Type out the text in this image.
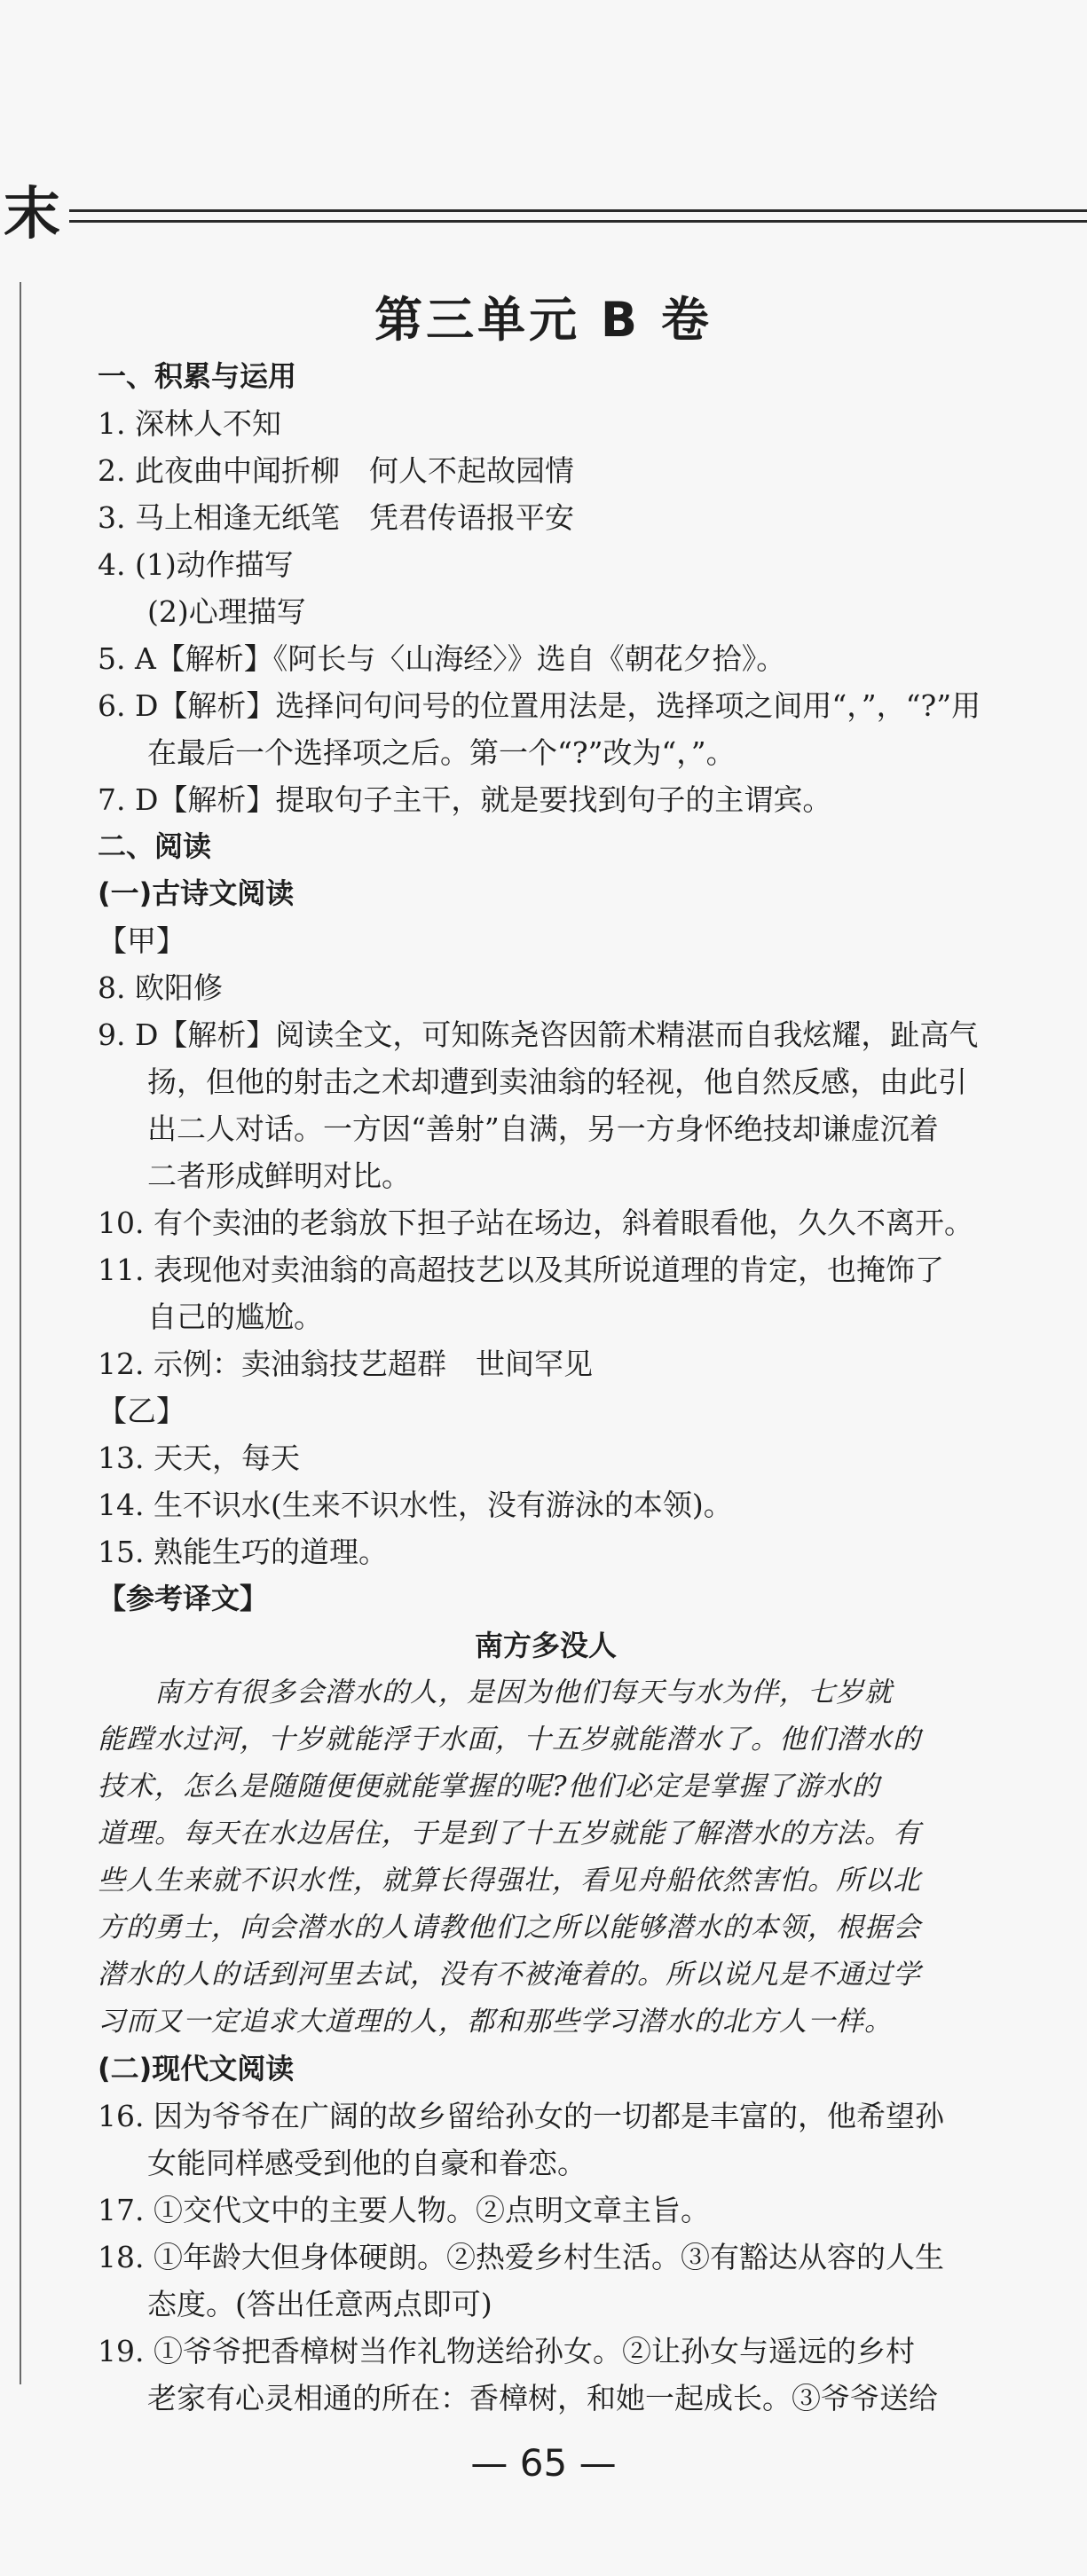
末
第三单元 B 卷
一、积累与运用
1. 深林人不知
2. 此夜曲中闻折柳　何人不起故园情
3. 马上相逢无纸笔　凭君传语报平安
4. (1)动作描写
(2)心理描写
5. A【解析】《阿长与〈山海经〉》选自《朝花夕拾》。
6. D【解析】选择问句问号的位置用法是，选择项之间用“，”，“?”用
在最后一个选择项之后。第一个“?”改为“，”。
7. D【解析】提取句子主干，就是要找到句子的主谓宾。
二、阅读
(一)古诗文阅读
【甲】
8. 欧阳修
9. D【解析】阅读全文，可知陈尧咨因箭术精湛而自我炫耀，趾高气
扬，但他的射击之术却遭到卖油翁的轻视，他自然反感，由此引
出二人对话。一方因“善射”自满，另一方身怀绝技却谦虚沉着
二者形成鲜明对比。
10. 有个卖油的老翁放下担子站在场边，斜着眼看他，久久不离开。
11. 表现他对卖油翁的高超技艺以及其所说道理的肯定，也掩饰了
自己的尴尬。
12. 示例：卖油翁技艺超群　世间罕见
【乙】
13. 天天，每天
14. 生不识水(生来不识水性，没有游泳的本领)。
15. 熟能生巧的道理。
【参考译文】
南方多没人
南方有很多会潜水的人，是因为他们每天与水为伴，七岁就
能蹚水过河，十岁就能浮于水面，十五岁就能潜水了。他们潜水的
技术，怎么是随随便便就能掌握的呢?他们必定是掌握了游水的
道理。每天在水边居住，于是到了十五岁就能了解潜水的方法。有
些人生来就不识水性，就算长得强壮，看见舟船依然害怕。所以北
方的勇士，向会潜水的人请教他们之所以能够潜水的本领，根据会
潜水的人的话到河里去试，没有不被淹着的。所以说凡是不通过学
习而又一定追求大道理的人，都和那些学习潜水的北方人一样。
(二)现代文阅读
16. 因为爷爷在广阔的故乡留给孙女的一切都是丰富的，他希望孙
女能同样感受到他的自豪和眷恋。
17. ①交代文中的主要人物。②点明文章主旨。
18. ①年龄大但身体硬朗。②热爱乡村生活。③有豁达从容的人生
态度。(答出任意两点即可)
19. ①爷爷把香樟树当作礼物送给孙女。②让孙女与遥远的乡村
老家有心灵相通的所在：香樟树，和她一起成长。③爷爷送给
— 65 —
